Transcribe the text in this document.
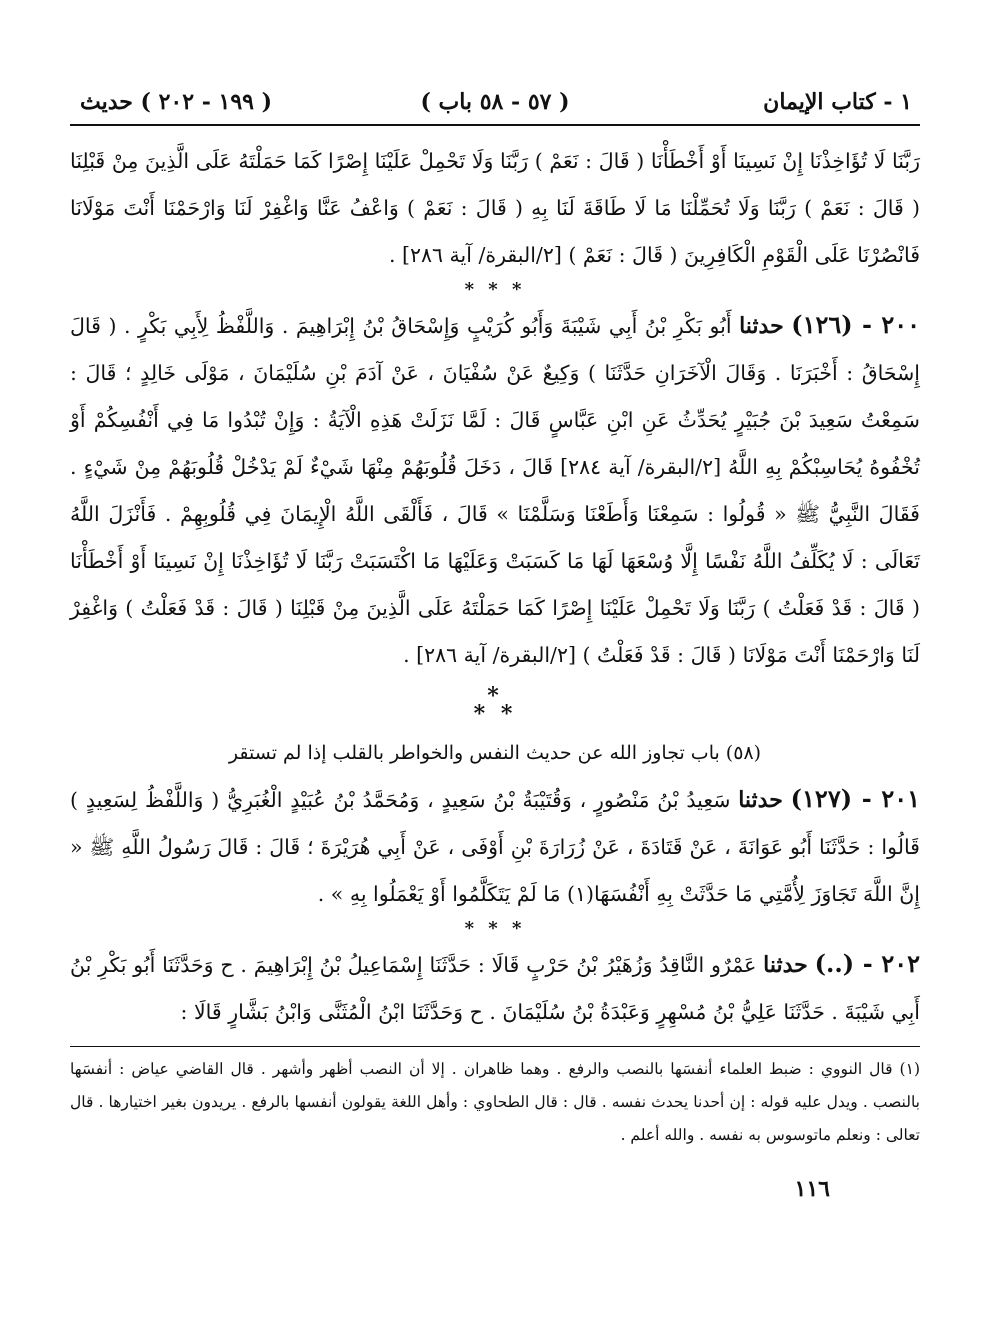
١ - كتاب الإيمان
( ٥٧ - ٥٨ باب )
( ١٩٩ - ٢٠٢ ) حديث

رَبَّنَا لَا تُؤَاخِذْنَا إِنْ نَسِينَا أَوْ أَخْطَأْنَا ( قَالَ : نَعَمْ ) رَبَّنَا وَلَا تَحْمِلْ عَلَيْنَا إِصْرًا كَمَا حَمَلْتَهُ عَلَى الَّذِينَ مِنْ قَبْلِنَا ( قَالَ : نَعَمْ ) رَبَّنَا وَلَا تُحَمِّلْنَا مَا لَا طَاقَةَ لَنَا بِهِ ( قَالَ : نَعَمْ ) وَاعْفُ عَنَّا وَاغْفِرْ لَنَا وَارْحَمْنَا أَنْتَ مَوْلَانَا فَانْصُرْنَا عَلَى الْقَوْمِ الْكَافِرِينَ ( قَالَ : نَعَمْ ) [٢/البقرة/ آية ٢٨٦] .

* * *

٢٠٠ - (١٢٦) حدثنا أَبُو بَكْرِ بْنُ أَبِي شَيْبَةَ وَأَبُو كُرَيْبٍ وَإِسْحَاقُ بْنُ إِبْرَاهِيمَ . وَاللَّفْظُ لِأَبِي بَكْرٍ . ( قَالَ إِسْحَاقُ : أَخْبَرَنَا . وَقَالَ الْآخَرَانِ حَدَّثَنَا ) وَكِيعٌ عَنْ سُفْيَانَ ، عَنْ آدَمَ بْنِ سُلَيْمَانَ ، مَوْلَى خَالِدٍ ؛ قَالَ : سَمِعْتُ سَعِيدَ بْنَ جُبَيْرٍ يُحَدِّثُ عَنِ ابْنِ عَبَّاسٍ قَالَ : لَمَّا نَزَلَتْ هَذِهِ الْآيَةُ : وَإِنْ تُبْدُوا مَا فِي أَنْفُسِكُمْ أَوْ تُخْفُوهُ يُحَاسِبْكُمْ بِهِ اللَّهُ [٢/البقرة/ آية ٢٨٤] قَالَ ، دَخَلَ قُلُوبَهُمْ مِنْهَا شَيْءٌ لَمْ يَدْخُلْ قُلُوبَهُمْ مِنْ شَيْءٍ . فَقَالَ النَّبِيُّ ﷺ « قُولُوا : سَمِعْنَا وَأَطَعْنَا وَسَلَّمْنَا » قَالَ ، فَأَلْقَى اللَّهُ الْإِيمَانَ فِي قُلُوبِهِمْ . فَأَنْزَلَ اللَّهُ تَعَالَى : لَا يُكَلِّفُ اللَّهُ نَفْسًا إِلَّا وُسْعَهَا لَهَا مَا كَسَبَتْ وَعَلَيْهَا مَا اكْتَسَبَتْ رَبَّنَا لَا تُؤَاخِذْنَا إِنْ نَسِينَا أَوْ أَخْطَأْنَا ( قَالَ : قَدْ فَعَلْتُ ) رَبَّنَا وَلَا تَحْمِلْ عَلَيْنَا إِصْرًا كَمَا حَمَلْتَهُ عَلَى الَّذِينَ مِنْ قَبْلِنَا ( قَالَ : قَدْ فَعَلْتُ ) وَاغْفِرْ لَنَا وَارْحَمْنَا أَنْتَ مَوْلَانَا ( قَالَ : قَدْ فَعَلْتُ ) [٢/البقرة/ آية ٢٨٦] .

*
* *

(٥٨) باب تجاوز الله عن حديث النفس والخواطر بالقلب إذا لم تستقر

٢٠١ - (١٢٧) حدثنا سَعِيدُ بْنُ مَنْصُورٍ ، وَقُتَيْبَةُ بْنُ سَعِيدٍ ، وَمُحَمَّدُ بْنُ عُبَيْدٍ الْغُبَرِيُّ ( وَاللَّفْظُ لِسَعِيدٍ ) قَالُوا : حَدَّثَنَا أَبُو عَوَانَةَ ، عَنْ قَتَادَةَ ، عَنْ زُرَارَةَ بْنِ أَوْفَى ، عَنْ أَبِي هُرَيْرَةَ ؛ قَالَ : قَالَ رَسُولُ اللَّهِ ﷺ « إِنَّ اللَّهَ تَجَاوَزَ لِأُمَّتِي مَا حَدَّثَتْ بِهِ أَنْفُسَهَا(١) مَا لَمْ يَتَكَلَّمُوا أَوْ يَعْمَلُوا بِهِ » .

* * *

٢٠٢ - (..) حدثنا عَمْرٌو النَّاقِدُ وَزُهَيْرُ بْنُ حَرْبٍ قَالَا : حَدَّثَنَا إِسْمَاعِيلُ بْنُ إِبْرَاهِيمَ . ح وَحَدَّثَنَا أَبُو بَكْرِ بْنُ أَبِي شَيْبَةَ . حَدَّثَنَا عَلِيُّ بْنُ مُسْهِرٍ وَعَبْدَةُ بْنُ سُلَيْمَانَ . ح وَحَدَّثَنَا ابْنُ الْمُثَنَّى وَابْنُ بَشَّارٍ قَالَا :

(١) قال النووي : ضبط العلماء أنفسَها بالنصب والرفع . وهما ظاهران . إلا أن النصب أظهر وأشهر . قال القاضي عياض : أنفسَها بالنصب . ويدل عليه قوله : إن أحدنا يحدث نفسه . قال : قال الطحاوي : وأهل اللغة يقولون أنفسها بالرفع . يريدون بغير اختيارها . قال تعالى : ونعلم ماتوسوس به نفسه . والله أعلم .

١١٦
